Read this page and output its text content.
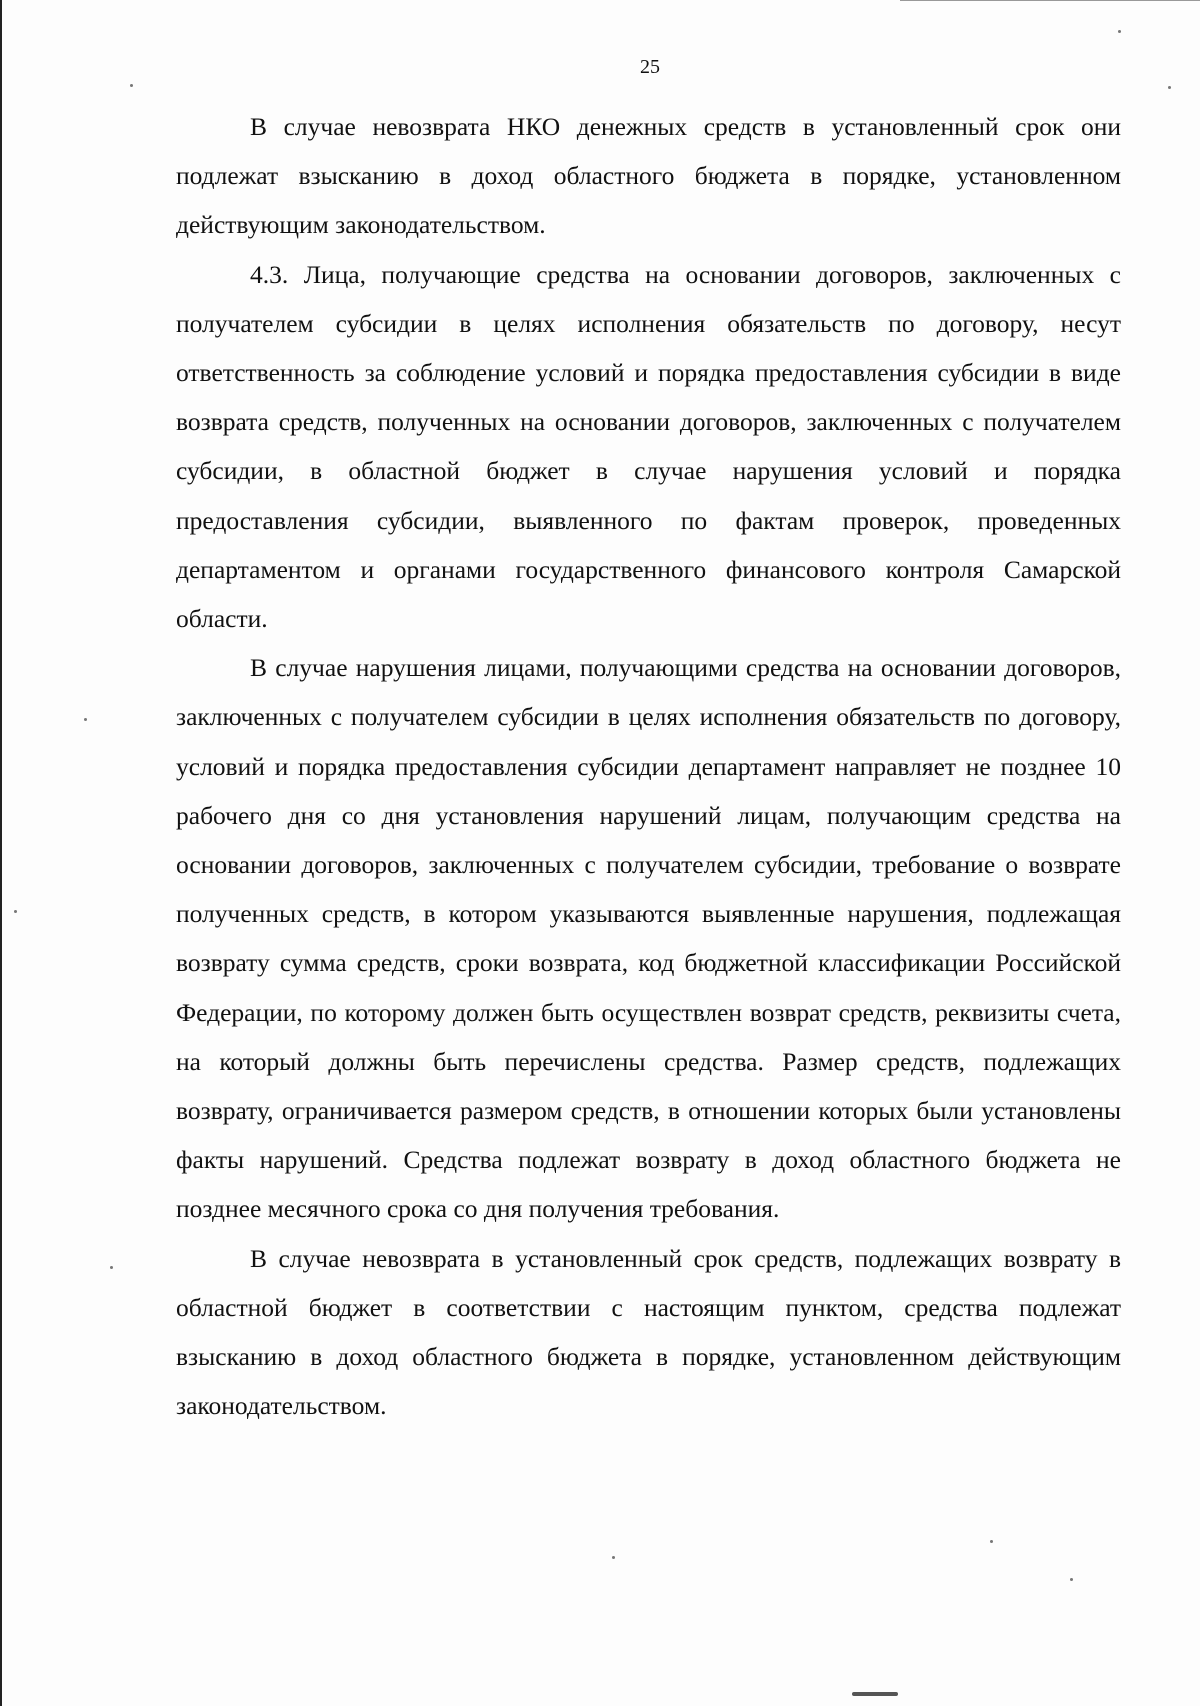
25

В случае невозврата НКО денежных средств в установленный срок они подлежат взысканию в доход областного бюджета в порядке, установленном действующим законодательством.

4.3. Лица, получающие средства на основании договоров, заключенных с получателем субсидии в целях исполнения обязательств по договору, несут ответственность за соблюдение условий и порядка предоставления субсидии в виде возврата средств, полученных на основании договоров, заключенных с получателем субсидии, в областной бюджет в случае нарушения условий и порядка предоставления субсидии, выявленного по фактам проверок, проведенных департаментом и органами государственного финансового контроля Самарской области.

В случае нарушения лицами, получающими средства на основании договоров, заключенных с получателем субсидии в целях исполнения обязательств по договору, условий и порядка предоставления субсидии департамент направляет не позднее 10 рабочего дня со дня установления нарушений лицам, получающим средства на основании договоров, заключенных с получателем субсидии, требование о возврате полученных средств, в котором указываются выявленные нарушения, подлежащая возврату сумма средств, сроки возврата, код бюджетной классификации Российской Федерации, по которому должен быть осуществлен возврат средств, реквизиты счета, на который должны быть перечислены средства. Размер средств, подлежащих возврату, ограничивается размером средств, в отношении которых были установлены факты нарушений. Средства подлежат возврату в доход областного бюджета не позднее месячного срока со дня получения требования.

В случае невозврата в установленный срок средств, подлежащих возврату в областной бюджет в соответствии с настоящим пунктом, средства подлежат взысканию в доход областного бюджета в порядке, установленном действующим законодательством.
